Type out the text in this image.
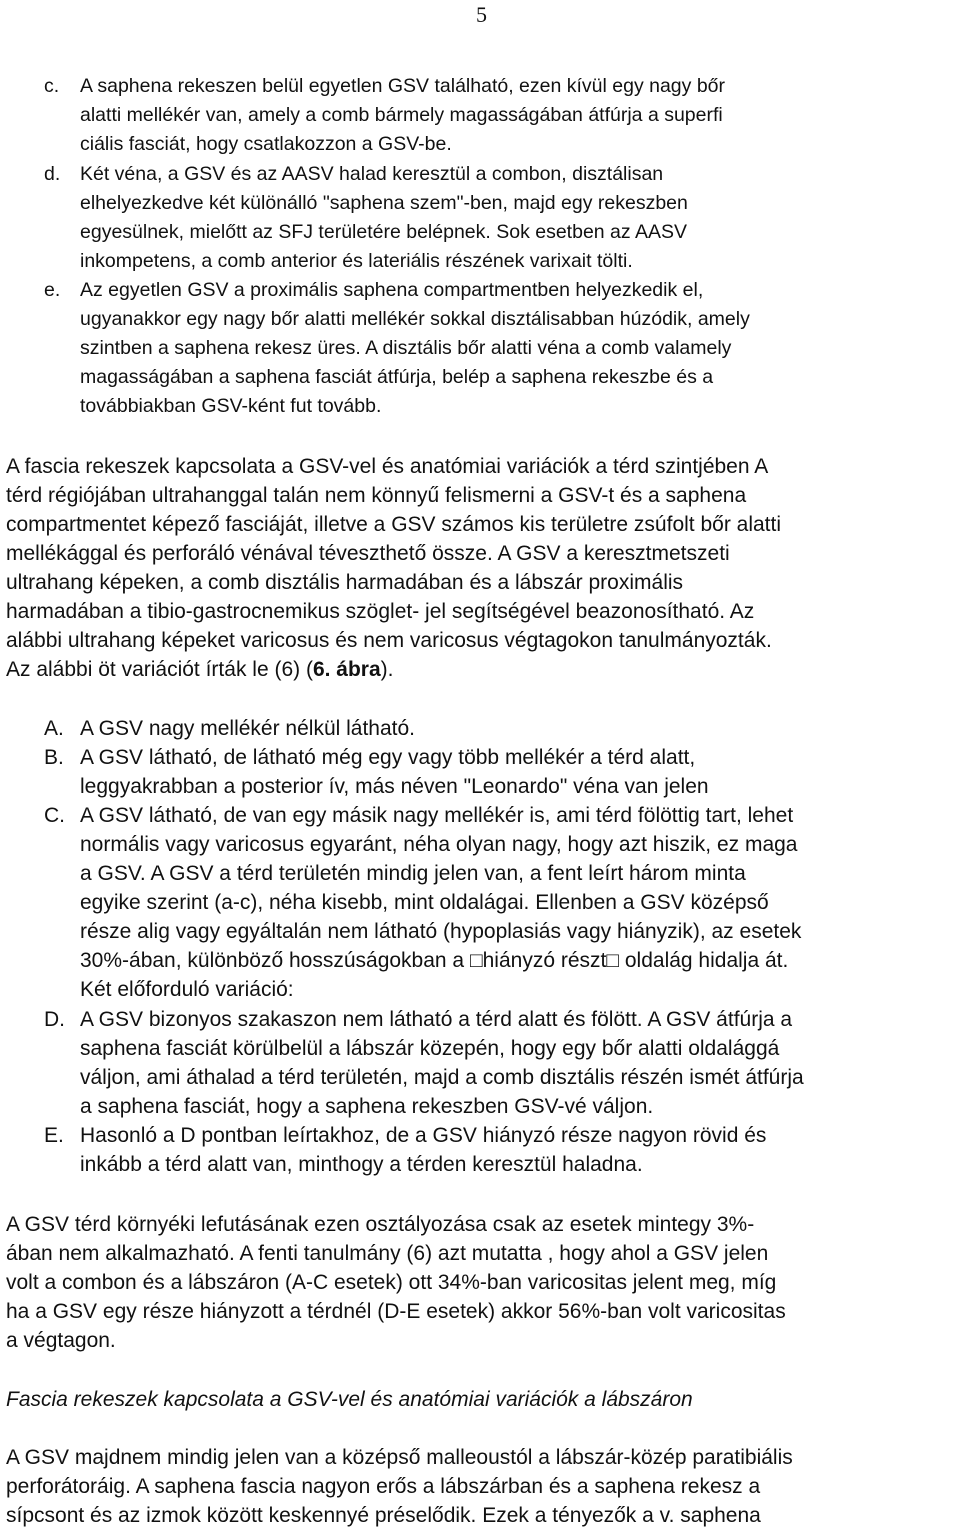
5
c. A saphena rekeszen belül egyetlen GSV található, ezen kívül egy nagy bőr
alatti mellékér van, amely a comb bármely magasságában átfúrja a superfi
ciális fasciát, hogy csatlakozzon a GSV-be.
d. Két véna, a GSV és az AASV halad keresztül a combon, disztálisan
elhelyezkedve két különálló "saphena szem"-ben, majd egy rekeszben
egyesülnek, mielőtt az SFJ területére belépnek. Sok esetben az AASV
inkompetens, a comb anterior és lateriális részének varixait tölti.
e. Az egyetlen GSV a proximális saphena compartmentben helyezkedik el,
ugyanakkor egy nagy bőr alatti mellékér sokkal disztálisabban húzódik, amely
szintben a saphena rekesz üres. A disztális bőr alatti véna a comb valamely
magasságában a saphena fasciát átfúrja, belép a saphena rekeszbe és a
továbbiakban GSV-ként fut tovább.
A fascia rekeszek kapcsolata a GSV-vel és anatómiai variációk a térd szintjében A
térd régiójában ultrahanggal talán nem könnyű felismerni a GSV-t és a saphena
compartmentet képező fasciáját, illetve a GSV számos kis területre zsúfolt bőr alatti
mellékággal és perforáló vénával téveszthető össze. A GSV a keresztmetszeti
ultrahang képeken, a comb disztális harmadában és a lábszár proximális
harmadában a tibio-gastrocnemikus szöglet- jel segítségével beazonosítható. Az
alábbi ultrahang képeket varicosus és nem varicosus végtagokon tanulmányozták.
Az alábbi öt variációt írták le (6) (6. ábra).
A. A GSV nagy mellékér nélkül látható.
B. A GSV látható, de látható még egy vagy több mellékér a térd alatt,
leggyakrabban a posterior ív, más néven "Leonardo" véna van jelen
C. A GSV látható, de van egy másik nagy mellékér is, ami térd fölöttig tart, lehet
normális vagy varicosus egyaránt, néha olyan nagy, hogy azt hiszik, ez maga
a GSV. A GSV a térd területén mindig jelen van, a fent leírt három minta
egyike szerint (a-c), néha kisebb, mint oldalágai. Ellenben a GSV középső
része alig vagy egyáltalán nem látható (hypoplasiás vagy hiányzik), az esetek
30%-ában, különböző hosszúságokban a □hiányzó részt□ oldalág hidalja át.
Két előforduló variáció:
D. A GSV bizonyos szakaszon nem látható a térd alatt és fölött. A GSV átfúrja a
saphena fasciát körülbelül a lábszár közepén, hogy egy bőr alatti oldalággá
váljon, ami áthalad a térd területén, majd a comb disztális részén ismét átfúrja
a saphena fasciát, hogy a saphena rekeszben GSV-vé váljon.
E. Hasonló a D pontban leírtakhoz, de a GSV hiányzó része nagyon rövid és
inkább a térd alatt van, minthogy a térden keresztül haladna.
A GSV térd környéki lefutásának ezen osztályozása csak az esetek mintegy 3%-
ában nem alkalmazható. A fenti tanulmány (6) azt mutatta , hogy ahol a GSV jelen
volt a combon és a lábszáron (A-C esetek) ott 34%-ban varicositas jelent meg, míg
ha a GSV egy része hiányzott a térdnél (D-E esetek) akkor 56%-ban volt varicositas
a végtagon.
Fascia rekeszek kapcsolata a GSV-vel és anatómiai variációk a lábszáron
A GSV majdnem mindig jelen van a középső malleoustól a lábszár-közép paratibiális
perforátoráig. A saphena fascia nagyon erős a lábszárban és a saphena rekesz a
sípcsont és az izmok között keskennyé préselődik. Ezek a tényezők a v. saphena
